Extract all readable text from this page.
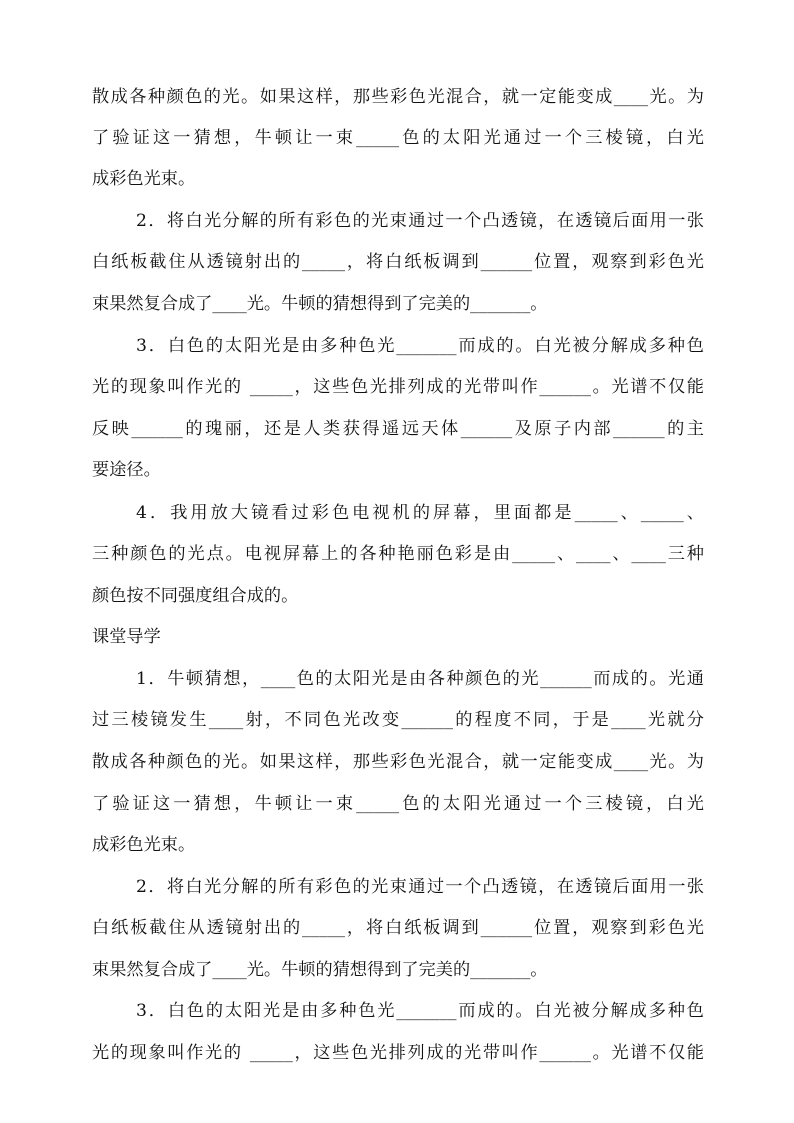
散成各种颜色的光。如果这样，那些彩色光混合，就一定能变成____光。为
了验证这一猜想，牛顿让一束_____色的太阳光通过一个三棱镜，白光
成彩色光束。
2．将白光分解的所有彩色的光束通过一个凸透镜，在透镜后面用一张
白纸板截住从透镜射出的_____，将白纸板调到______位置，观察到彩色光
束果然复合成了____光。牛顿的猜想得到了完美的_______。
3．白色的太阳光是由多种色光_______而成的。白光被分解成多种色
光的现象叫作光的 _____，这些色光排列成的光带叫作______。光谱不仅能
反映______的瑰丽，还是人类获得遥远天体______及原子内部______的主
要途径。
4．我用放大镜看过彩色电视机的屏幕，里面都是_____、_____、
三种颜色的光点。电视屏幕上的各种艳丽色彩是由_____、____、____三种
颜色按不同强度组合成的。
课堂导学
1．牛顿猜想，____色的太阳光是由各种颜色的光______而成的。光通
过三棱镜发生____射，不同色光改变______的程度不同，于是____光就分
散成各种颜色的光。如果这样，那些彩色光混合，就一定能变成____光。为
了验证这一猜想，牛顿让一束_____色的太阳光通过一个三棱镜，白光
成彩色光束。
2．将白光分解的所有彩色的光束通过一个凸透镜，在透镜后面用一张
白纸板截住从透镜射出的_____，将白纸板调到______位置，观察到彩色光
束果然复合成了____光。牛顿的猜想得到了完美的_______。
3．白色的太阳光是由多种色光_______而成的。白光被分解成多种色
光的现象叫作光的 _____，这些色光排列成的光带叫作______。光谱不仅能
